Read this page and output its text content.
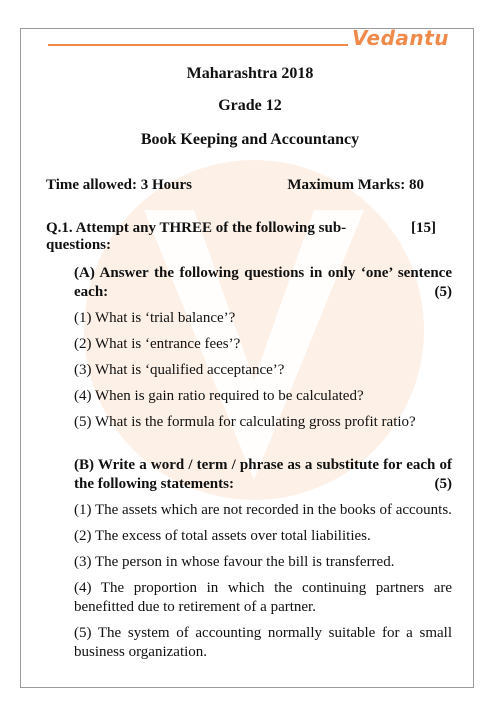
Vedantu
Maharashtra 2018
Grade 12
Book Keeping and Accountancy
Time allowed: 3 Hours	Maximum Marks: 80
Q.1. Attempt any THREE of the following sub-questions:
[15]
(A) Answer the following questions in only ‘one’ sentence each:	(5)
(1) What is ‘trial balance’?
(2) What is ‘entrance fees’?
(3) What is ‘qualified acceptance’?
(4) When is gain ratio required to be calculated?
(5) What is the formula for calculating gross profit ratio?
(B) Write a word / term / phrase as a substitute for each of the following statements:	(5)
(1) The assets which are not recorded in the books of accounts.
(2) The excess of total assets over total liabilities.
(3) The person in whose favour the bill is transferred.
(4) The proportion in which the continuing partners are benefitted due to retirement of a partner.
(5) The system of accounting normally suitable for a small business organization.
